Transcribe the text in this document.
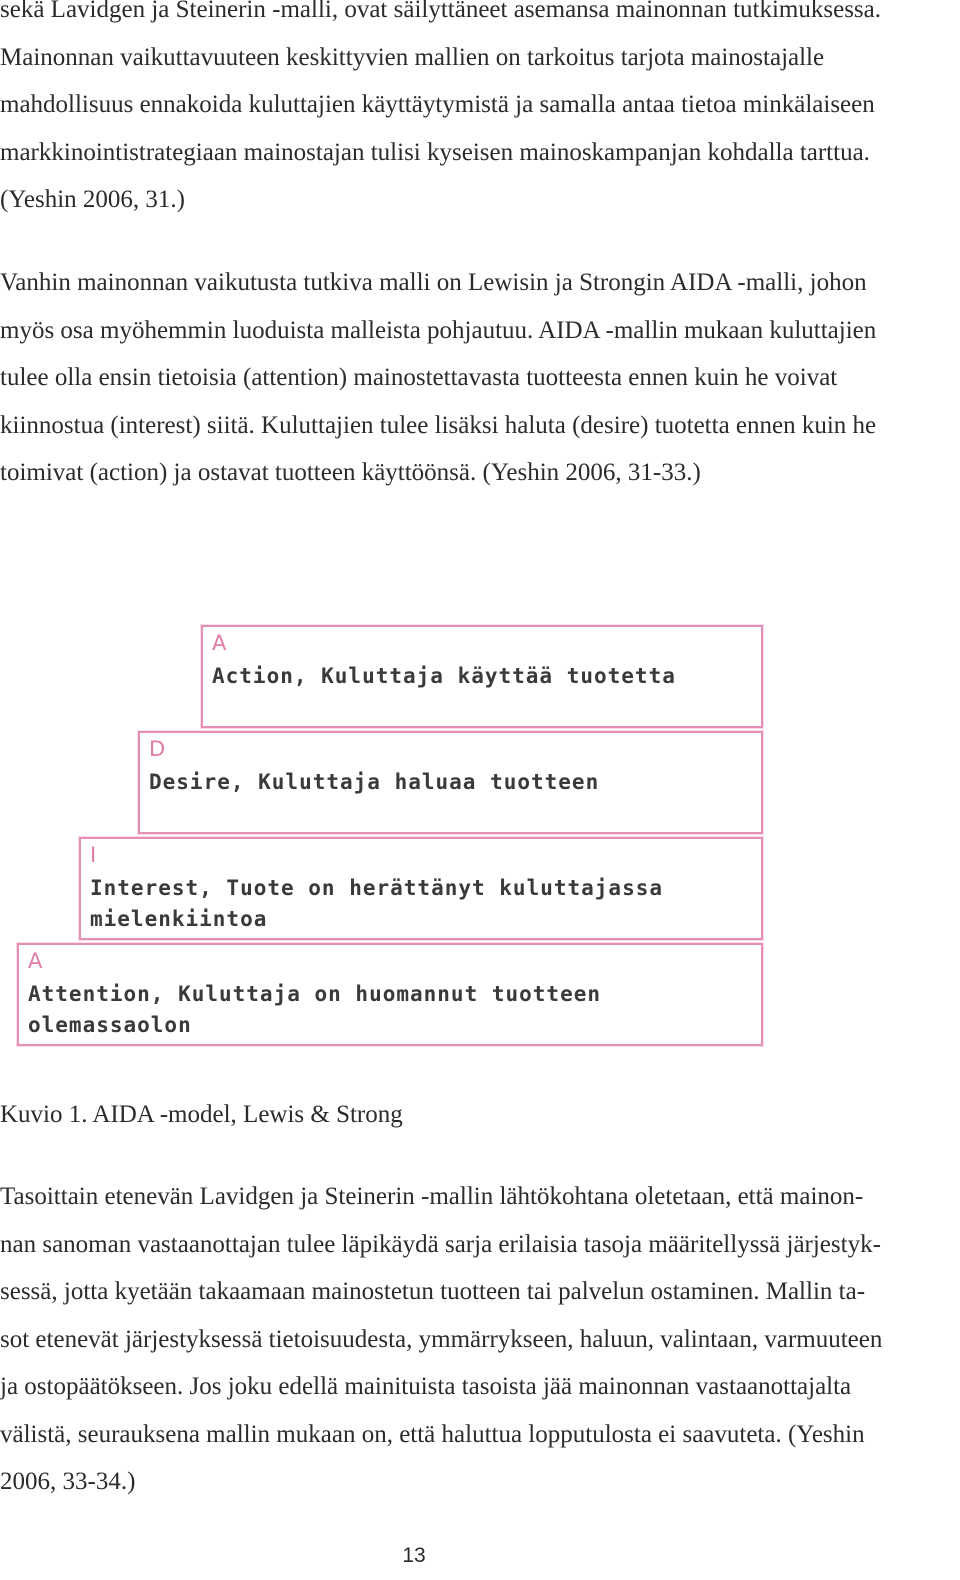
sekä Lavidgen ja Steinerin -malli, ovat säilyttäneet asemansa mainonnan tutkimuksessa.
Mainonnan vaikuttavuuteen keskittyvien mallien on tarkoitus tarjota mainostajalle
mahdollisuus ennakoida kuluttajien käyttäytymistä ja samalla antaa tietoa minkälaiseen
markkinointistrategiaan mainostajan tulisi kyseisen mainoskampanjan kohdalla tarttua.
(Yeshin 2006, 31.)
Vanhin mainonnan vaikutusta tutkiva malli on Lewisin ja Strongin AIDA -malli, johon
myös osa myöhemmin luoduista malleista pohjautuu. AIDA -mallin mukaan kuluttajien
tulee olla ensin tietoisia (attention) mainostettavasta tuotteesta ennen kuin he voivat
kiinnostua (interest) siitä. Kuluttajien tulee lisäksi haluta (desire) tuotetta ennen kuin he
toimivat (action) ja ostavat tuotteen käyttöönsä. (Yeshin 2006, 31-33.)
A
Action, Kuluttaja käyttää tuotetta
D
Desire, Kuluttaja haluaa tuotteen
I
Interest, Tuote on herättänyt kuluttajassa
mielenkiintoa
A
Attention, Kuluttaja on huomannut tuotteen
olemassaolon
Kuvio 1. AIDA -model, Lewis & Strong
Tasoittain etenevän Lavidgen ja Steinerin -mallin lähtökohtana oletetaan, että mainon-
nan sanoman vastaanottajan tulee läpikäydä sarja erilaisia tasoja määritellyssä järjestyk-
sessä, jotta kyetään takaamaan mainostetun tuotteen tai palvelun ostaminen. Mallin ta-
sot etenevät järjestyksessä tietoisuudesta, ymmärrykseen, haluun, valintaan, varmuuteen
ja ostopäätökseen. Jos joku edellä mainituista tasoista jää mainonnan vastaanottajalta
välistä, seurauksena mallin mukaan on, että haluttua lopputulosta ei saavuteta. (Yeshin
2006, 33-34.)
13
